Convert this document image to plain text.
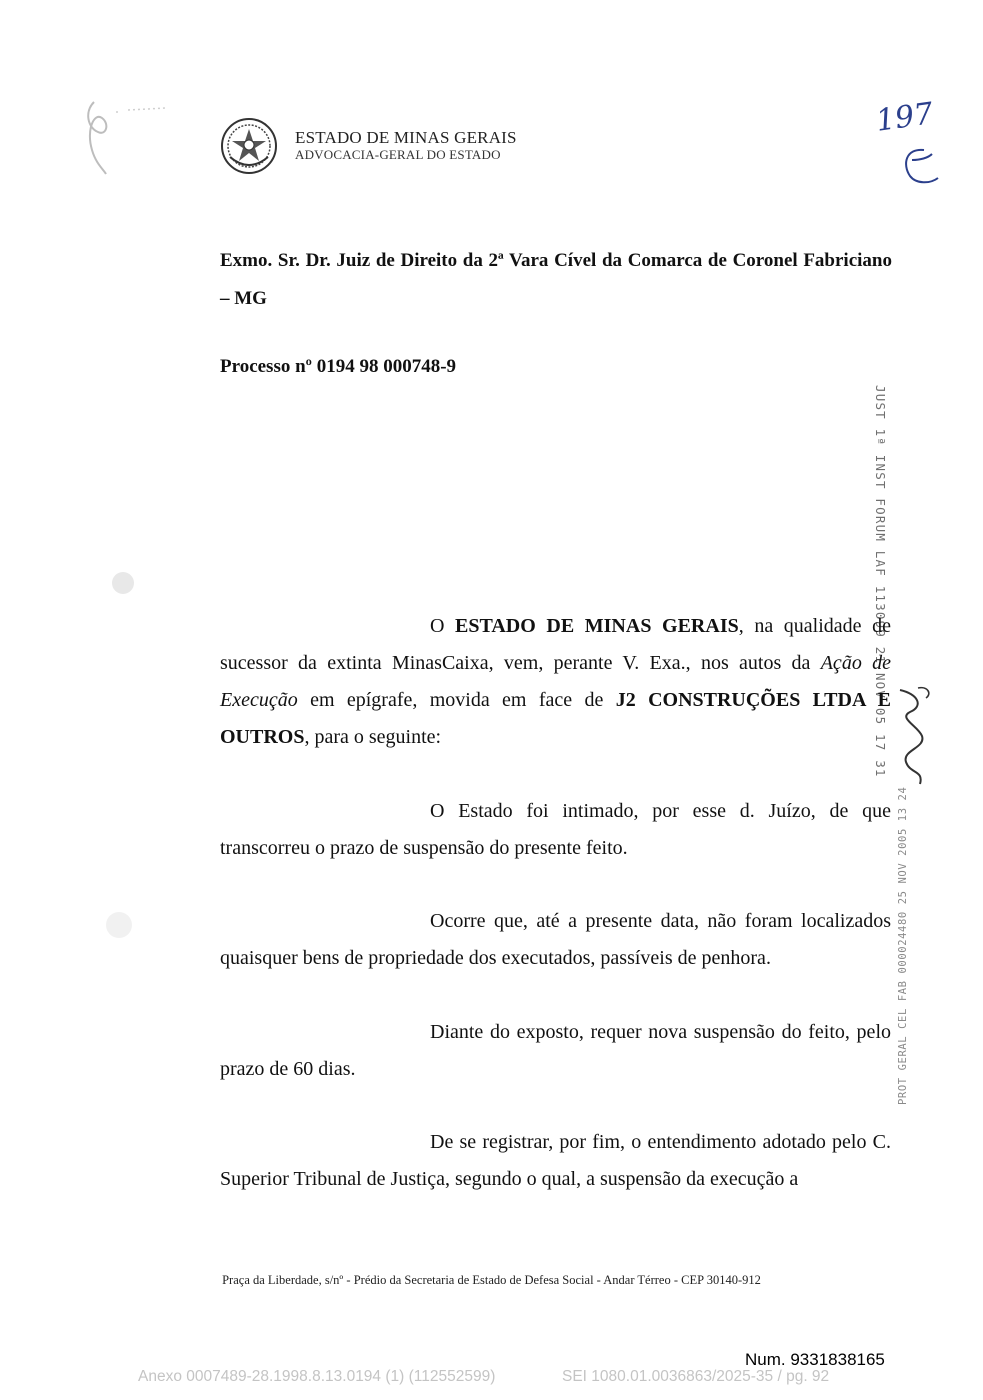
ESTADO DE MINAS GERAIS
ADVOCACIA-GERAL DO ESTADO
197
Exmo. Sr. Dr. Juiz de Direito da 2ª Vara Cível da Comarca de Coronel Fabriciano – MG
Processo nº 0194 98 000748-9
JUST 1ª INST FORUM LAF 113099 21 NOV 05 17 31
O ESTADO DE MINAS GERAIS, na qualidade de sucessor da extinta MinasCaixa, vem, perante V. Exa., nos autos da Ação de Execução em epígrafe, movida em face de J2 CONSTRUÇÕES LTDA E OUTROS, para o seguinte:
O Estado foi intimado, por esse d. Juízo, de que transcorreu o prazo de suspensão do presente feito.
Ocorre que, até a presente data, não foram localizados quaisquer bens de propriedade dos executados, passíveis de penhora.
Diante do exposto, requer nova suspensão do feito, pelo prazo de 60 dias.
De se registrar, por fim, o entendimento adotado pelo C. Superior Tribunal de Justiça, segundo o qual, a suspensão da execução a
PROT GERAL CEL FAB 000024480 25 NOV 2005 13 24
Praça da Liberdade, s/nº - Prédio da Secretaria de Estado de Defesa Social - Andar Térreo - CEP 30140-912
Num. 9331838165
Anexo 0007489-28.1998.8.13.0194 (1) (112552599)	SEI 1080.01.0036863/2025-35 / pg. 92
